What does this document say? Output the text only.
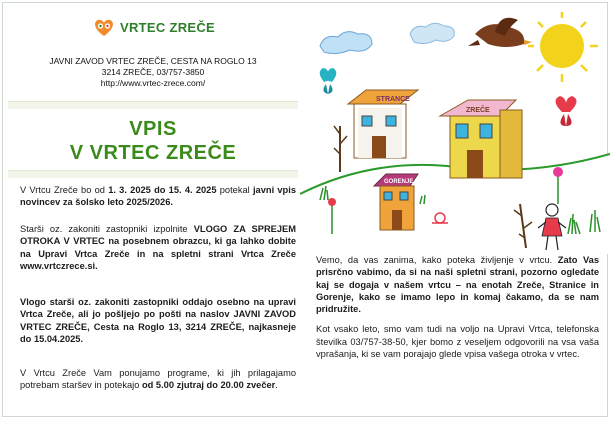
VRTEC ZREČE
JAVNI ZAVOD VRTEC ZREČE, CESTA NA ROGLO 13
3214 ZREČE, 03/757-3850
http://www.vrtec-zrece.com/
VPIS
V VRTEC ZREČE
V Vrtcu Zreče bo od 1. 3. 2025 do 15. 4. 2025 potekal javni vpis novincev za šolsko leto 2025/2026.
Starši oz. zakoniti zastopniki izpolnite VLOGO ZA SPREJEM OTROKA V VRTEC na posebnem obrazcu, ki ga lahko dobite na Upravi Vrtca Zreče in na spletni strani Vrtca Zreče www.vrtczrece.si.
Vlogo starši oz. zakoniti zastopniki oddajo osebno na upravi Vrtca Zreče, ali jo pošljejo po pošti na naslov JAVNI ZAVOD VRTEC ZREČE, Cesta na Roglo 13, 3214 ZREČE, najkasneje do 15.04.2025.
V Vrtcu Zreče Vam ponujamo programe, ki jih prilagajamo potrebam staršev in potekajo od 5.00 zjutraj do 20.00 zvečer.
STRANCE
ZREČE
GORENJE

Vemo, da vas zanima, kako poteka življenje v vrtcu. Zato Vas prisrčno vabimo, da si na naši spletni strani, pozorno ogledate kaj se dogaja v našem vrtcu – na enotah Zreče, Stranice in Gorenje, kako se imamo lepo in komaj čakamo, da se nam pridružite.

Kot vsako leto, smo vam tudi na voljo na Upravi Vrtca, telefonska številka 03/757-38-50, kjer bomo z veseljem odgovorili na vsa vaša vprašanja, ki se vam porajajo glede vpisa vašega otroka v vrtec.
